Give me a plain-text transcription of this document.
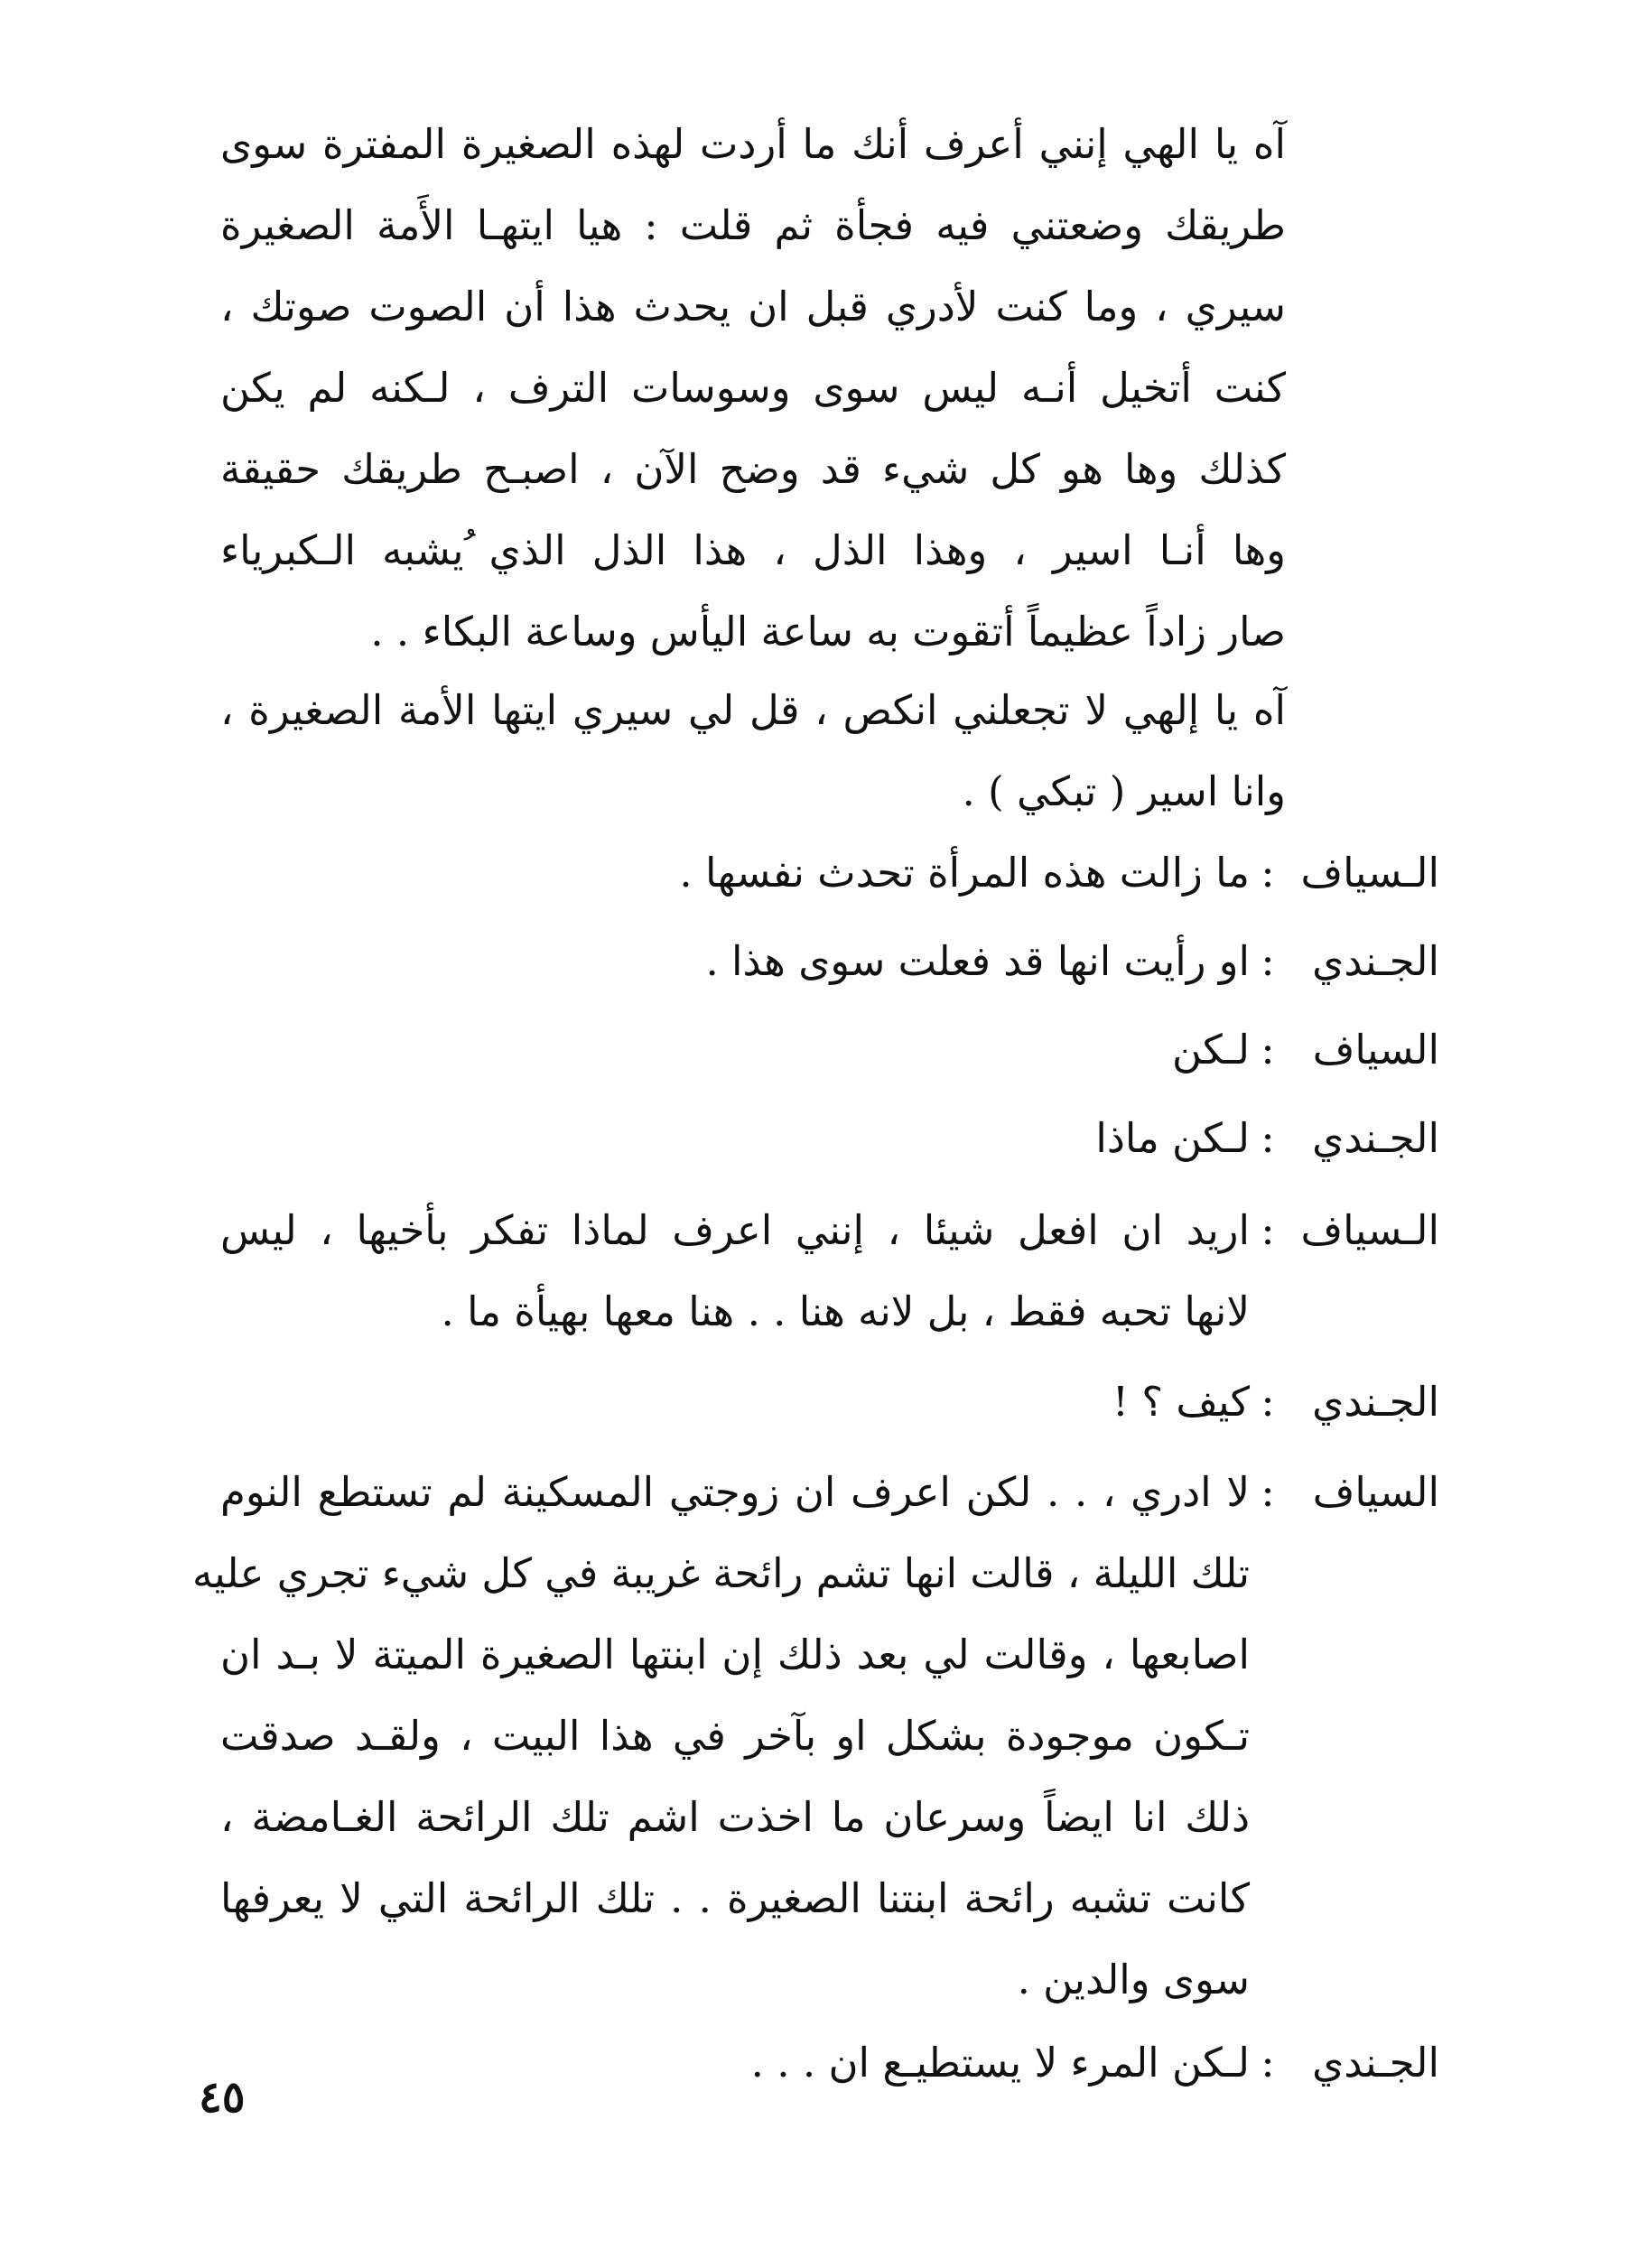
آه يا الهي إنني أعرف أنك ما أردت لهذه الصغيرة المفترة سوى
طريقك وضعتني فيه فجأة ثم قلت : هيا ايتهـا الأَمة الصغيرة
سيري ، وما كنت لأدري قبل ان يحدث هذا أن الصوت صوتك ،
كنت أتخيل أنـه ليس سوى وسوسات الترف ، لـكنه لم يكن
كذلك وها هو كل شيء قد وضح الآن ، اصبـح طريقك حقيقة
وها أنـا اسير ، وهذا الذل ، هذا الذل الذي ُيشبه الـكبرياء
صار زاداً عظيماً أتقوت به ساعة اليأس وساعة البكاء . .
آه يا إلهي لا تجعلني انكص ، قل لي سيري ايتها الأمة الصغيرة ،
وانا اسير ( تبكي ) .
الـسياف
:
ما زالت هذه المرأة تحدث نفسها .
الجـندي
:
او رأيت انها قد فعلت سوى هذا .
السياف
:
لـكن
الجـندي
:
لـكن ماذا
الـسياف
:
اريد ان افعل شيئا ، إنني اعرف لماذا تفكر بأخيها ، ليس
لانها تحبه فقط ، بل لانه هنا . . هنا معها بهيأة ما .
الجـندي
:
كيف ؟ !
السياف
:
لا ادري ، . . لكن اعرف ان زوجتي المسكينة لم تستطع النوم
تلك الليلة ، قالت انها تشم رائحة غريبة في كل شيء تجري عليه
اصابعها ، وقالت لي بعد ذلك إن ابنتها الصغيرة الميتة لا بـد ان
تـكون موجودة بشكل او بآخر في هذا البيت ، ولقـد صدقت
ذلك انا ايضاً وسرعان ما اخذت اشم تلك الرائحة الغـامضة ،
كانت تشبه رائحة ابنتنا الصغيرة . . تلك الرائحة التي لا يعرفها
سوى والدين .
الجـندي
:
لـكن المرء لا يستطيـع ان . . .
٤٥
